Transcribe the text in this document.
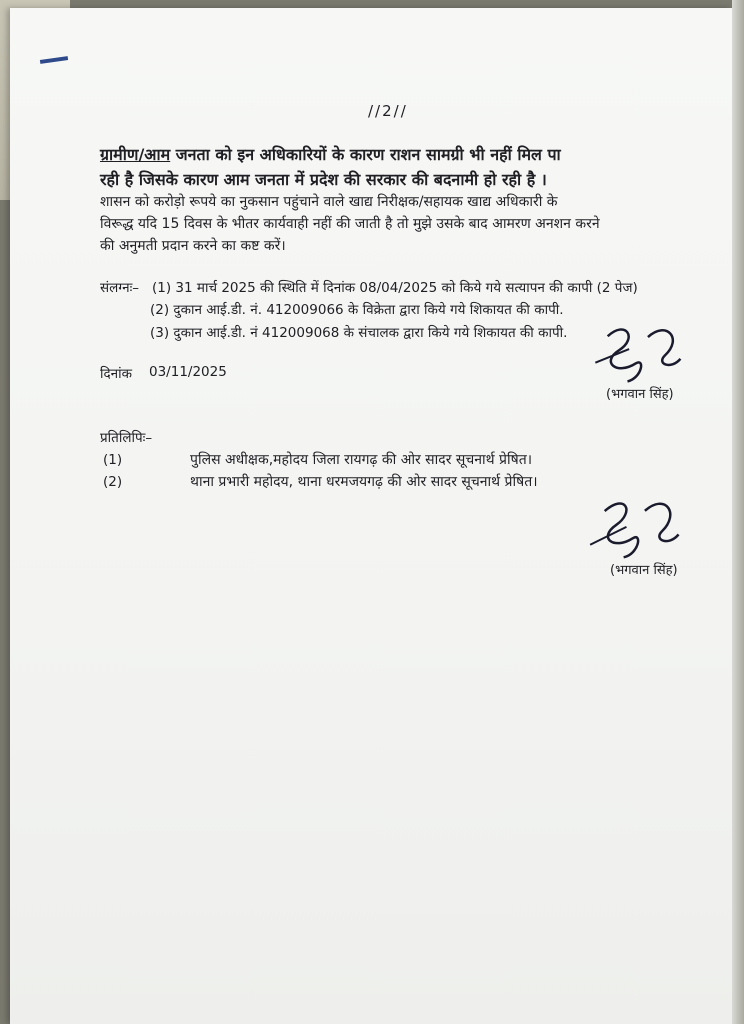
//2//
ग्रामीण/आम जनता को इन अधिकारियों के कारण राशन सामग्री भी नहीं मिल पा
रही है जिसके कारण आम जनता में प्रदेश की सरकार की बदनामी हो रही है ।
शासन को करोड़ो रूपये का नुकसान पहुंचाने वाले खाद्य निरीक्षक/सहायक खाद्य अधिकारी के
विरूद्ध यदि 15 दिवस के भीतर कार्यवाही नहीं की जाती है तो मुझे उसके बाद आमरण अनशन करने
की अनुमती प्रदान करने का कष्ट करें।
संलग्नः– (1) 31 मार्च 2025 की स्थिति में दिनांक 08/04/2025 को किये गये सत्यापन की कापी (2 पेज)
(2) दुकान आई.डी. नं. 412009066 के विक्रेता द्वारा किये गये शिकायत की कापी.
(3) दुकान आई.डी. नं 412009068 के संचालक द्वारा किये गये शिकायत की कापी.
(भगवान सिंह)
दिनांक 03/11/2025
प्रतिलिपिः–
(1)	पुलिस अधीक्षक,महोदय जिला रायगढ़ की ओर सादर सूचनार्थ प्रेषित।
(2)	थाना प्रभारी महोदय, थाना धरमजयगढ़ की ओर सादर सूचनार्थ प्रेषित।
(भगवान सिंह)
